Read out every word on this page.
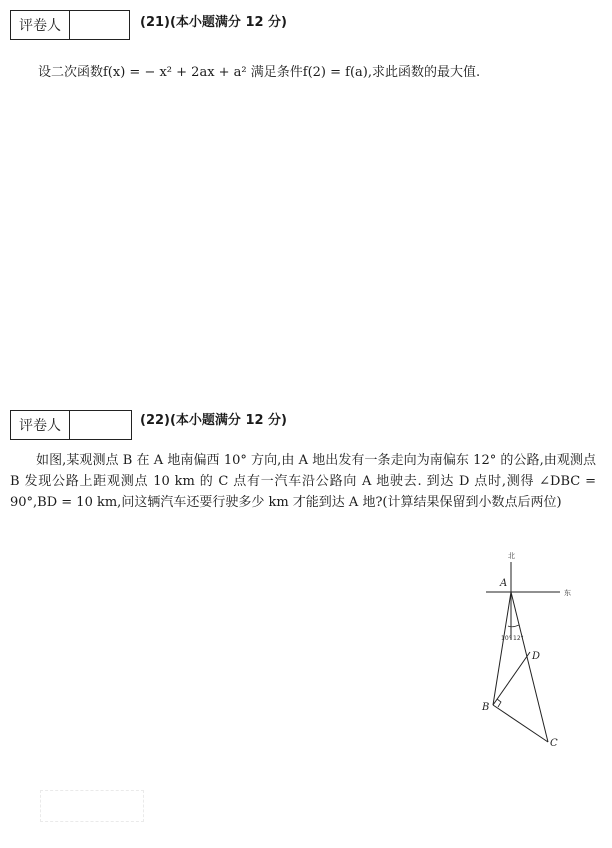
评卷人	(21)(本小题满分 12 分)
设二次函数f(x) = − x² + 2ax + a² 满足条件f(2) = f(a),求此函数的最大值.
评卷人	(22)(本小题满分 12 分)
如图,某观测点 B 在 A 地南偏西 10° 方向,由 A 地出发有一条走向为南偏东 12° 的公路,由观测点 B 发现公路上距观测点 10 km 的 C 点有一汽车沿公路向 A 地驶去. 到达 D 点时,测得 ∠DBC = 90°,BD = 10 km,问这辆汽车还要行驶多少 km 才能到达 A 地?(计算结果保留到小数点后两位)
北
东
A
10° 12°
B
D
C
